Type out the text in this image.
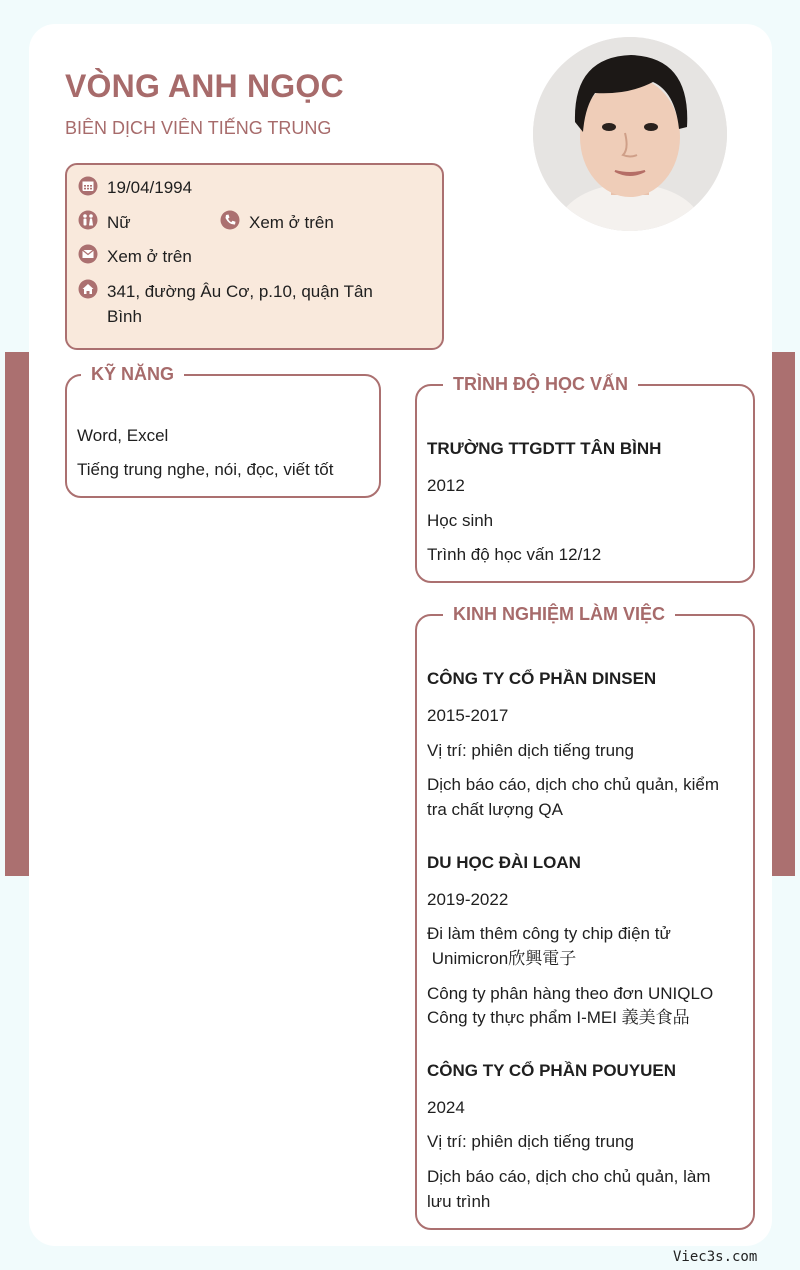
VÒNG ANH NGỌC
BIÊN DỊCH VIÊN TIẾNG TRUNG
19/04/1994
Nữ	Xem ở trên
Xem ở trên
341, đường Âu Cơ, p.10, quận Tân
Bình
KỸ NĂNG
Word, Excel
Tiếng trung nghe, nói, đọc, viết tốt
TRÌNH ĐỘ HỌC VẤN
TRƯỜNG TTGDTT TÂN BÌNH
2012
Học sinh
Trình độ học vấn 12/12
KINH NGHIỆM LÀM VIỆC
CÔNG TY CỔ PHẦN DINSEN
2015-2017
Vị trí: phiên dịch tiếng trung
Dịch báo cáo, dịch cho chủ quản, kiểm
tra chất lượng QA
DU HỌC ĐÀI LOAN
2019-2022
Đi làm thêm công ty chip điện tử
Unimicron欣興電子
Công ty phân hàng theo đơn UNIQLO
Công ty thực phẩm I-MEI 義美食品
CÔNG TY CỔ PHẦN POUYUEN
2024
Vị trí: phiên dịch tiếng trung
Dịch báo cáo, dịch cho chủ quản, làm
lưu trình
Viec3s.com
